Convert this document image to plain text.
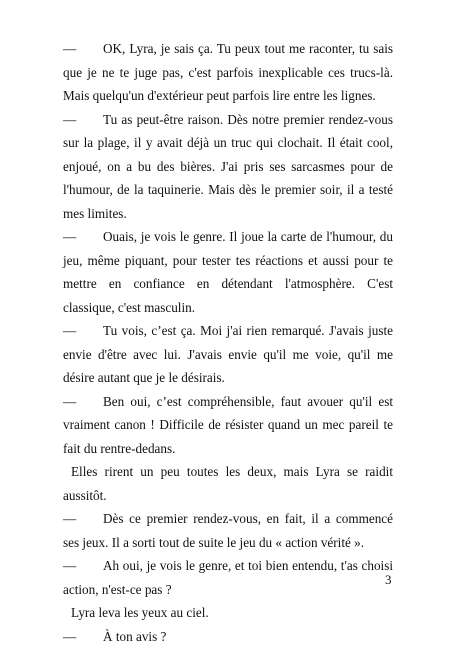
— OK, Lyra, je sais ça. Tu peux tout me raconter, tu sais que je ne te juge pas, c'est parfois inexplicable ces trucs-là. Mais quelqu'un d'extérieur peut parfois lire entre les lignes.

— Tu as peut-être raison. Dès notre premier rendez-vous sur la plage, il y avait déjà un truc qui clochait. Il était cool, enjoué, on a bu des bières. J'ai pris ses sarcasmes pour de l'humour, de la taquinerie. Mais dès le premier soir, il a testé mes limites.

— Ouais, je vois le genre. Il joue la carte de l'humour, du jeu, même piquant, pour tester tes réactions et aussi pour te mettre en confiance en détendant l'atmosphère. C'est classique, c'est masculin.

— Tu vois, c’est ça. Moi j'ai rien remarqué. J'avais juste envie d'être avec lui. J'avais envie qu'il me voie, qu'il me désire autant que je le désirais.

— Ben oui, c’est compréhensible, faut avouer qu'il est vraiment canon ! Difficile de résister quand un mec pareil te fait du rentre-dedans.

Elles rirent un peu toutes les deux, mais Lyra se raidit aussitôt.

— Dès ce premier rendez-vous, en fait, il a commencé ses jeux. Il a sorti tout de suite le jeu du « action vérité ».

— Ah oui, je vois le genre, et toi bien entendu, t'as choisi action, n'est-ce pas ?

Lyra leva les yeux au ciel.

— À ton avis ?

3
